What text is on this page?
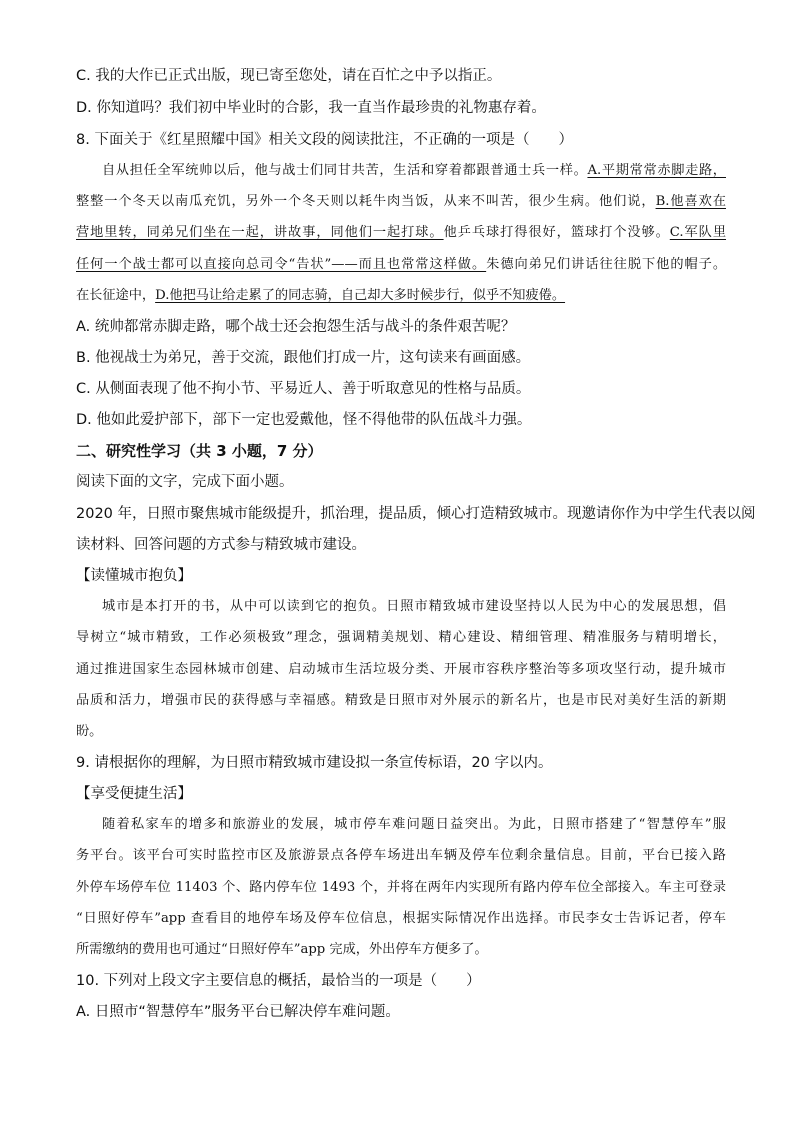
C. 我的大作已正式出版，现已寄至您处，请在百忙之中予以指正。
D. 你知道吗？我们初中毕业时的合影，我一直当作最珍贵的礼物惠存着。
8. 下面关于《红星照耀中国》相关文段的阅读批注，不正确的一项是（　　）
自从担任全军统帅以后，他与战士们同甘共苦，生活和穿着都跟普通士兵一样。A.平期常常赤脚走路，
整整一个冬天以南瓜充饥，另外一个冬天则以耗牛肉当饭，从来不叫苦，很少生病。他们说，B.他喜欢在
营地里转，同弟兄们坐在一起，讲故事，同他们一起打球。他乒乓球打得很好，篮球打个没够。C.军队里
任何一个战士都可以直接向总司令“告状”——而且也常常这样做。朱德向弟兄们讲话往往脱下他的帽子。
在长征途中，D.他把马让给走累了的同志骑，自己却大多时候步行，似乎不知疲倦。
A. 统帅都常赤脚走路，哪个战士还会抱怨生活与战斗的条件艰苦呢？
B. 他视战士为弟兄，善于交流，跟他们打成一片，这句读来有画面感。
C. 从侧面表现了他不拘小节、平易近人、善于听取意见的性格与品质。
D. 他如此爱护部下，部下一定也爱戴他，怪不得他带的队伍战斗力强。
二、研究性学习（共 3 小题，7 分）
阅读下面的文字，完成下面小题。
2020 年，日照市聚焦城市能级提升，抓治理，提品质，倾心打造精致城市。现邀请你作为中学生代表以阅
读材料、回答问题的方式参与精致城市建设。
【读懂城市抱负】
城市是本打开的书，从中可以读到它的抱负。日照市精致城市建设坚持以人民为中心的发展思想，倡
导树立“城市精致，工作必须极致”理念，强调精美规划、精心建设、精细管理、精准服务与精明增长，
通过推进国家生态园林城市创建、启动城市生活垃圾分类、开展市容秩序整治等多项攻坚行动，提升城市
品质和活力，增强市民的获得感与幸福感。精致是日照市对外展示的新名片，也是市民对美好生活的新期
盼。
9. 请根据你的理解，为日照市精致城市建设拟一条宣传标语，20 字以内。
【享受便捷生活】
随着私家车的增多和旅游业的发展，城市停车难问题日益突出。为此，日照市搭建了“智慧停车”服
务平台。该平台可实时监控市区及旅游景点各停车场进出车辆及停车位剩余量信息。目前，平台已接入路
外停车场停车位 11403 个、路内停车位 1493 个，并将在两年内实现所有路内停车位全部接入。车主可登录
“日照好停车”app 查看目的地停车场及停车位信息，根据实际情况作出选择。市民李女士告诉记者，停车
所需缴纳的费用也可通过“日照好停车”app 完成，外出停车方便多了。
10. 下列对上段文字主要信息的概括，最恰当的一项是（　　）
A. 日照市“智慧停车”服务平台已解决停车难问题。
